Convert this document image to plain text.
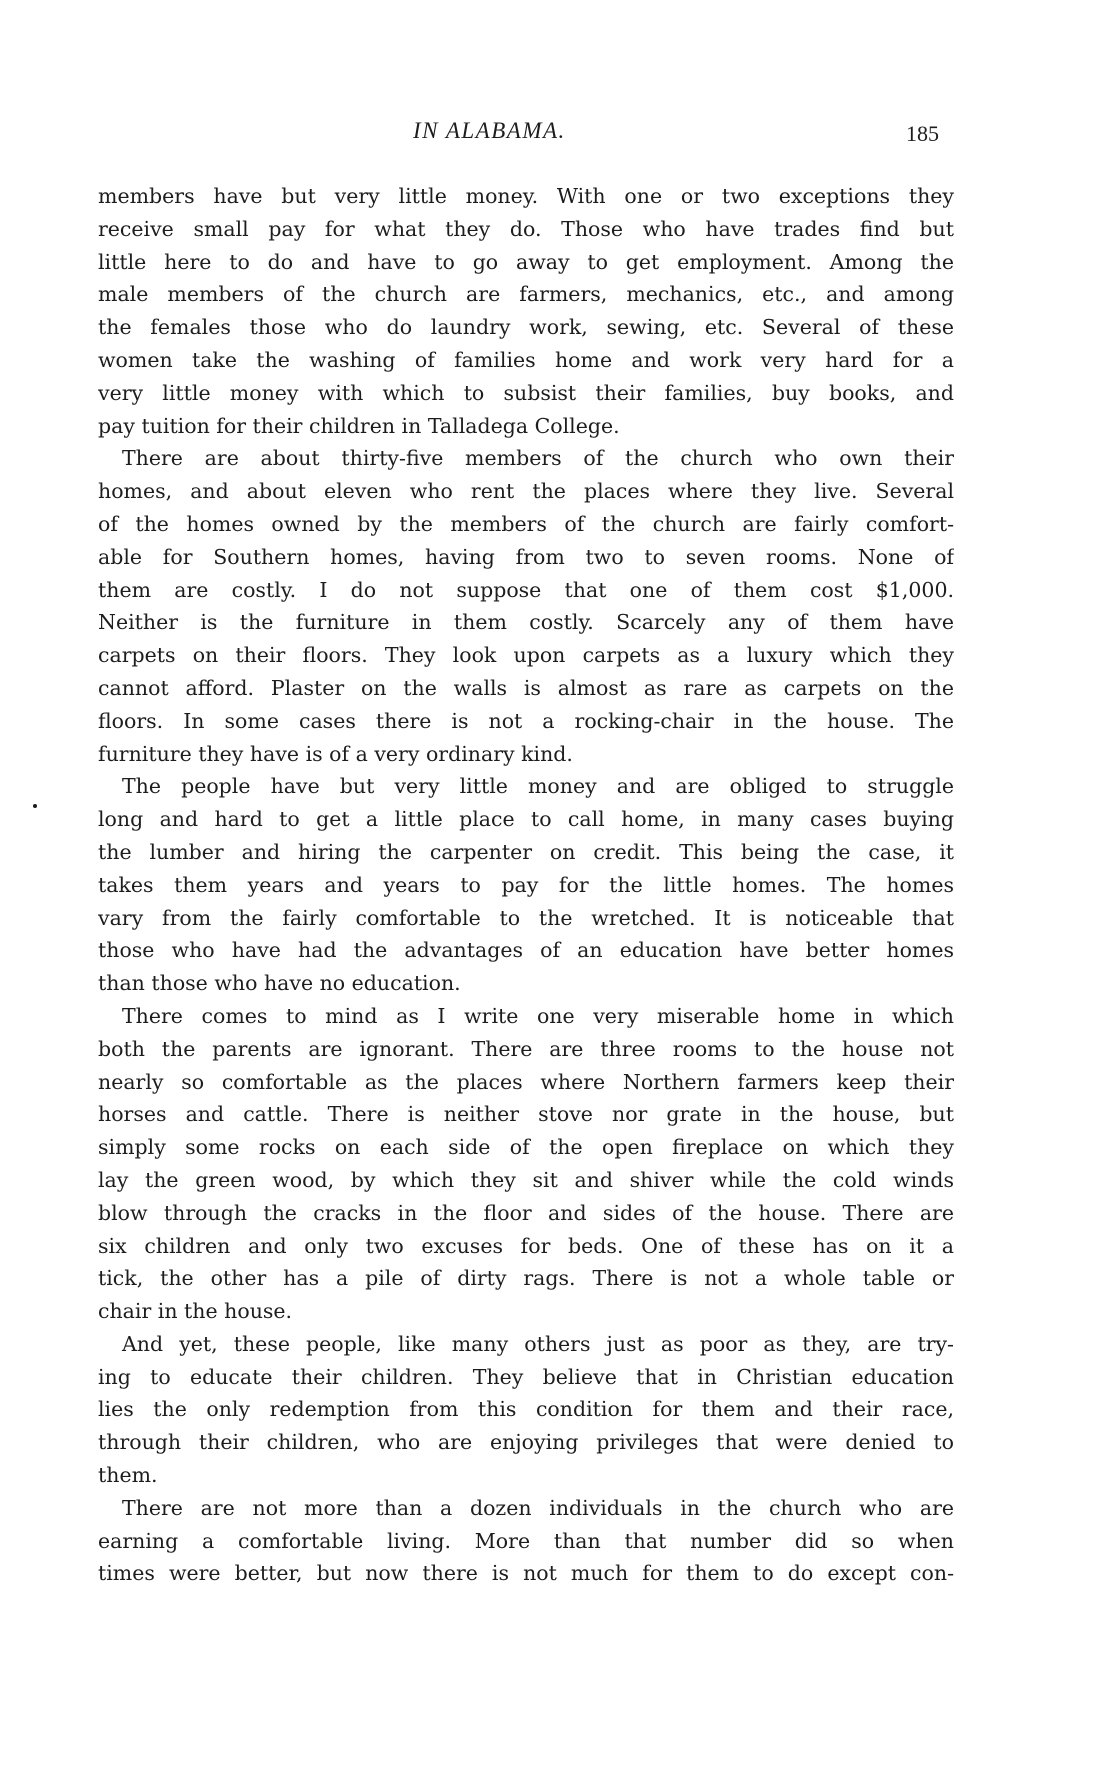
IN ALABAMA.	185
members have but very little money. With one or two exceptions they
receive small pay for what they do. Those who have trades find but
little here to do and have to go away to get employment. Among the
male members of the church are farmers, mechanics, etc., and among
the females those who do laundry work, sewing, etc. Several of these
women take the washing of families home and work very hard for a
very little money with which to subsist their families, buy books, and
pay tuition for their children in Talladega College.
There are about thirty-five members of the church who own their
homes, and about eleven who rent the places where they live. Several
of the homes owned by the members of the church are fairly comfort-
able for Southern homes, having from two to seven rooms. None of
them are costly. I do not suppose that one of them cost $1,000.
Neither is the furniture in them costly. Scarcely any of them have
carpets on their floors. They look upon carpets as a luxury which they
cannot afford. Plaster on the walls is almost as rare as carpets on the
floors. In some cases there is not a rocking-chair in the house. The
furniture they have is of a very ordinary kind.
The people have but very little money and are obliged to struggle
long and hard to get a little place to call home, in many cases buying
the lumber and hiring the carpenter on credit. This being the case, it
takes them years and years to pay for the little homes. The homes
vary from the fairly comfortable to the wretched. It is noticeable that
those who have had the advantages of an education have better homes
than those who have no education.
There comes to mind as I write one very miserable home in which
both the parents are ignorant. There are three rooms to the house not
nearly so comfortable as the places where Northern farmers keep their
horses and cattle. There is neither stove nor grate in the house, but
simply some rocks on each side of the open fireplace on which they
lay the green wood, by which they sit and shiver while the cold winds
blow through the cracks in the floor and sides of the house. There are
six children and only two excuses for beds. One of these has on it a
tick, the other has a pile of dirty rags. There is not a whole table or
chair in the house.
And yet, these people, like many others just as poor as they, are try-
ing to educate their children. They believe that in Christian education
lies the only redemption from this condition for them and their race,
through their children, who are enjoying privileges that were denied to
them.
There are not more than a dozen individuals in the church who are
earning a comfortable living. More than that number did so when
times were better, but now there is not much for them to do except con-
